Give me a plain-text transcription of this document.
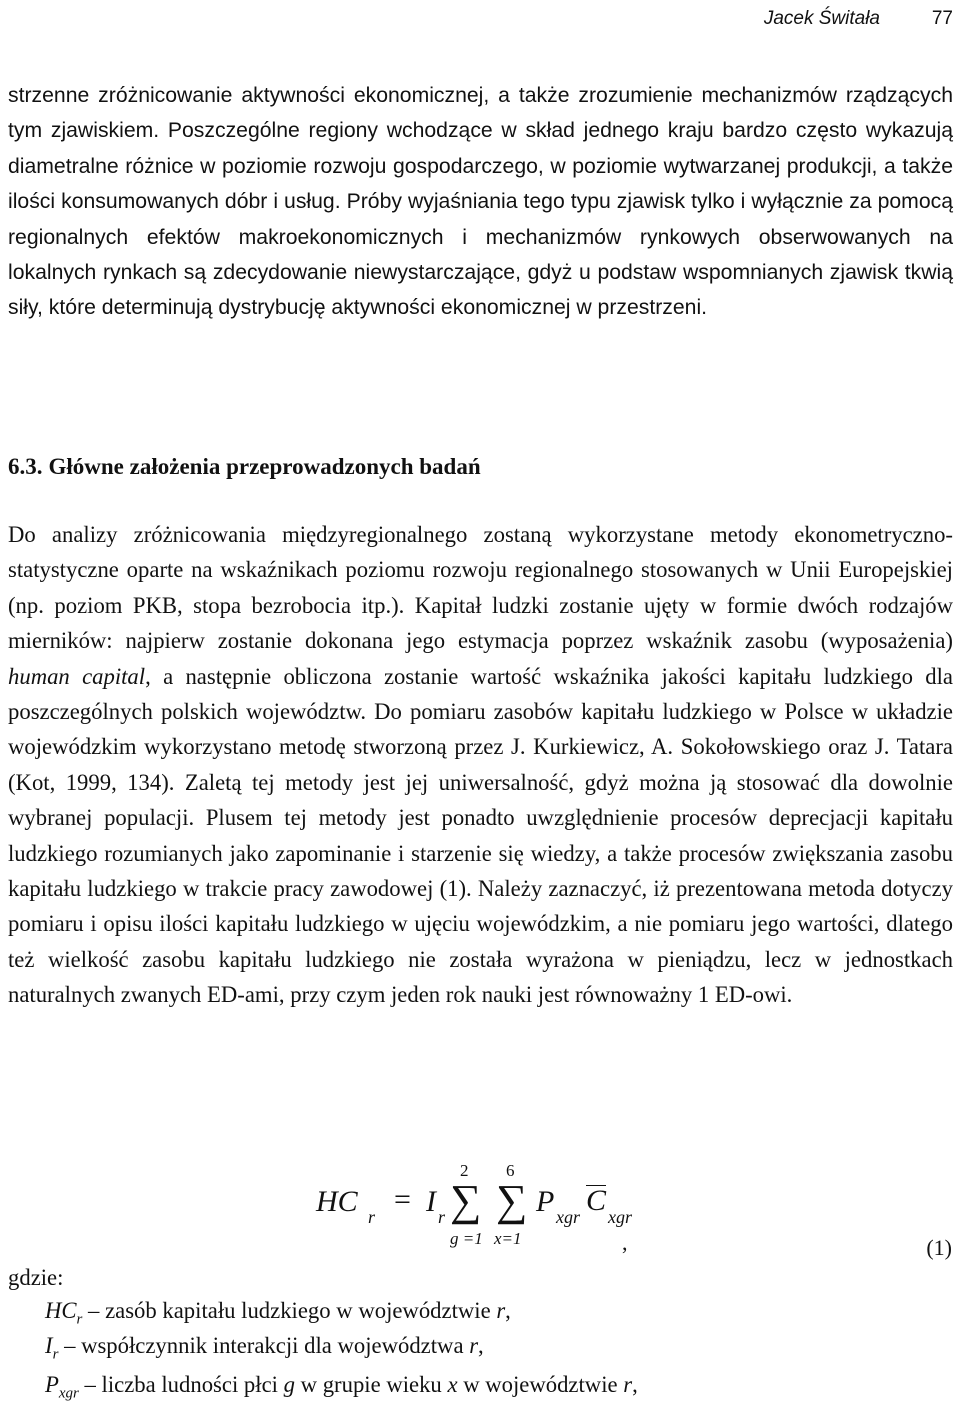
Jacek Świtała	77

strzenne zróżnicowanie aktywności ekonomicznej, a także zrozumienie mechanizmów rządzących tym zjawiskiem. Poszczególne regiony wchodzące w skład jednego kraju bardzo często wykazują diametralne różnice w poziomie rozwoju gospodarczego, w poziomie wytwarzanej produkcji, a także ilości konsumowanych dóbr i usług. Próby wyjaśniania tego typu zjawisk tylko i wyłącznie za pomocą regionalnych efektów makroekonomicznych i mechanizmów rynkowych obserwowanych na lokalnych rynkach są zdecydowanie niewystarczające, gdyż u podstaw wspomnianych zjawisk tkwią siły, które determinują dystrybucję aktywności ekonomicznej w przestrzeni.

6.3. Główne założenia przeprowadzonych badań

Do analizy zróżnicowania międzyregionalnego zostaną wykorzystane metody ekonometryczno-statystyczne oparte na wskaźnikach poziomu rozwoju regionalnego stosowanych w Unii Europejskiej (np. poziom PKB, stopa bezrobocia itp.). Kapitał ludzki zostanie ujęty w formie dwóch rodzajów mierników: najpierw zostanie dokonana jego estymacja poprzez wskaźnik zasobu (wyposażenia) human capital, a następnie obliczona zostanie wartość wskaźnika jakości kapitału ludzkiego dla poszczególnych polskich województw. Do pomiaru zasobów kapitału ludzkiego w Polsce w układzie wojewódzkim wykorzystano metodę stworzoną przez J. Kurkiewicz, A. Sokołowskiego oraz J. Tatara (Kot, 1999, 134). Zaletą tej metody jest jej uniwersalność, gdyż można ją stosować dla dowolnie wybranej populacji. Plusem tej metody jest ponadto uwzględnienie procesów deprecjacji kapitału ludzkiego rozumianych jako zapominanie i starzenie się wiedzy, a także procesów zwiększania zasobu kapitału ludzkiego w trakcie pracy zawodowej (1). Należy zaznaczyć, iż prezentowana metoda dotyczy pomiaru i opisu ilości kapitału ludzkiego w ujęciu wojewódzkim, a nie pomiaru jego wartości, dlatego też wielkość zasobu kapitału ludzkiego nie została wyrażona w pieniądzu, lecz w jednostkach naturalnych zwanych ED-ami, przy czym jeden rok nauki jest równoważny 1 ED-owi.

HC r
= I r
2
∑
g =1
6
∑
x=1
P xgr C xgr
,	(1)
gdzie:
$HC_r$ – zasób kapitału ludzkiego w województwie r,
$I_r$ – współczynnik interakcji dla województwa r,
$P_{xgr}$ – liczba ludności płci g w grupie wieku x w województwie r,
